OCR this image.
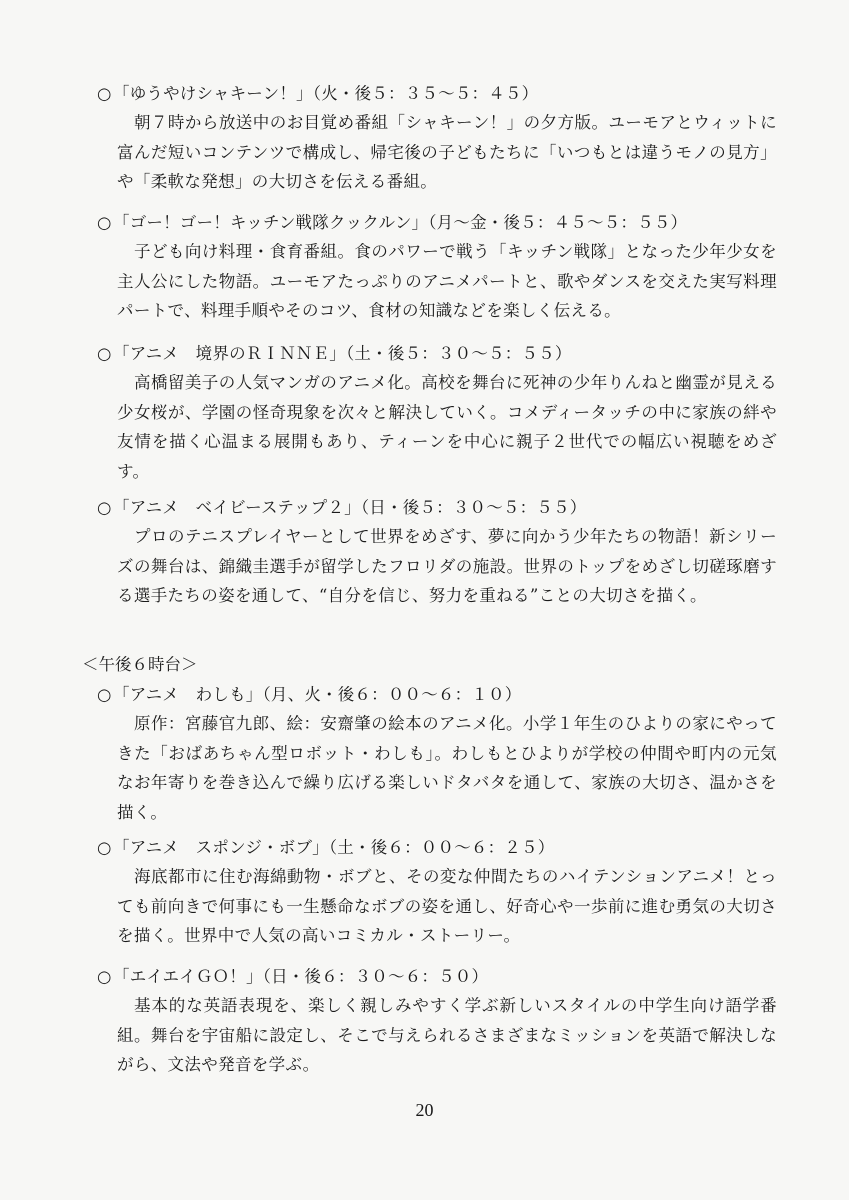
○「ゆうやけシャキーン！」（火・後５：３５〜５：４５）
朝７時から放送中のお目覚め番組「シャキーン！」の夕方版。ユーモアとウィットに富んだ短いコンテンツで構成し、帰宅後の子どもたちに「いつもとは違うモノの見方」や「柔軟な発想」の大切さを伝える番組。
○「ゴー！ゴー！キッチン戦隊クックルン」（月〜金・後５：４５〜５：５５）
子ども向け料理・食育番組。食のパワーで戦う「キッチン戦隊」となった少年少女を主人公にした物語。ユーモアたっぷりのアニメパートと、歌やダンスを交えた実写料理パートで、料理手順やそのコツ、食材の知識などを楽しく伝える。
○「アニメ　境界のＲＩＮＮＥ」（土・後５：３０〜５：５５）
高橋留美子の人気マンガのアニメ化。高校を舞台に死神の少年りんねと幽霊が見える少女桜が、学園の怪奇現象を次々と解決していく。コメディータッチの中に家族の絆や友情を描く心温まる展開もあり、ティーンを中心に親子２世代での幅広い視聴をめざす。
○「アニメ　ベイビーステップ２」（日・後５：３０〜５：５５）
プロのテニスプレイヤーとして世界をめざす、夢に向かう少年たちの物語！新シリーズの舞台は、錦織圭選手が留学したフロリダの施設。世界のトップをめざし切磋琢磨する選手たちの姿を通して、“自分を信じ、努力を重ねる”ことの大切さを描く。
＜午後６時台＞
○「アニメ　わしも」（月、火・後６：００〜６：１０）
原作：宮藤官九郎、絵：安齋肇の絵本のアニメ化。小学１年生のひよりの家にやってきた「おばあちゃん型ロボット・わしも」。わしもとひよりが学校の仲間や町内の元気なお年寄りを巻き込んで繰り広げる楽しいドタバタを通して、家族の大切さ、温かさを描く。
○「アニメ　スポンジ・ボブ」（土・後６：００〜６：２５）
海底都市に住む海綿動物・ボブと、その変な仲間たちのハイテンションアニメ！とっても前向きで何事にも一生懸命なボブの姿を通し、好奇心や一歩前に進む勇気の大切さを描く。世界中で人気の高いコミカル・ストーリー。
○「エイエイＧＯ！」（日・後６：３０〜６：５０）
基本的な英語表現を、楽しく親しみやすく学ぶ新しいスタイルの中学生向け語学番組。舞台を宇宙船に設定し、そこで与えられるさまざまなミッションを英語で解決しながら、文法や発音を学ぶ。
20
